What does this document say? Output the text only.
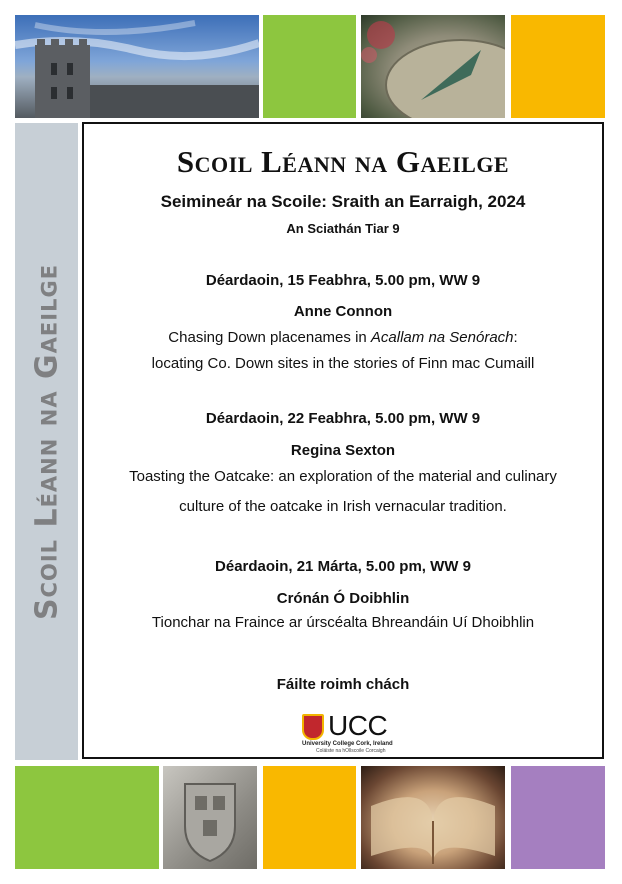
Scoil Léann na Gaeilge
Scoil Léann na Gaeilge
Seimineár na Scoile: Sraith an Earraigh, 2024
An Sciathán Tiar 9
Déardaoin, 15 Feabhra, 5.00 pm, WW 9
Anne Connon
Chasing Down placenames in Acallam na Senórach:
locating Co. Down sites in the stories of Finn mac Cumaill
Déardaoin, 22 Feabhra, 5.00 pm, WW 9
Regina Sexton
Toasting the Oatcake: an exploration of the material and culinary
culture of the oatcake in Irish vernacular tradition.
Déardaoin, 21 Márta, 5.00 pm, WW 9
Crónán Ó Doibhlin
Tionchar na Fraince ar úrscéalta Bhreandáin Uí Dhoibhlin
Fáilte roimh chách
UCC
University College Cork, Ireland
Coláiste na hOllscoile Corcaigh
